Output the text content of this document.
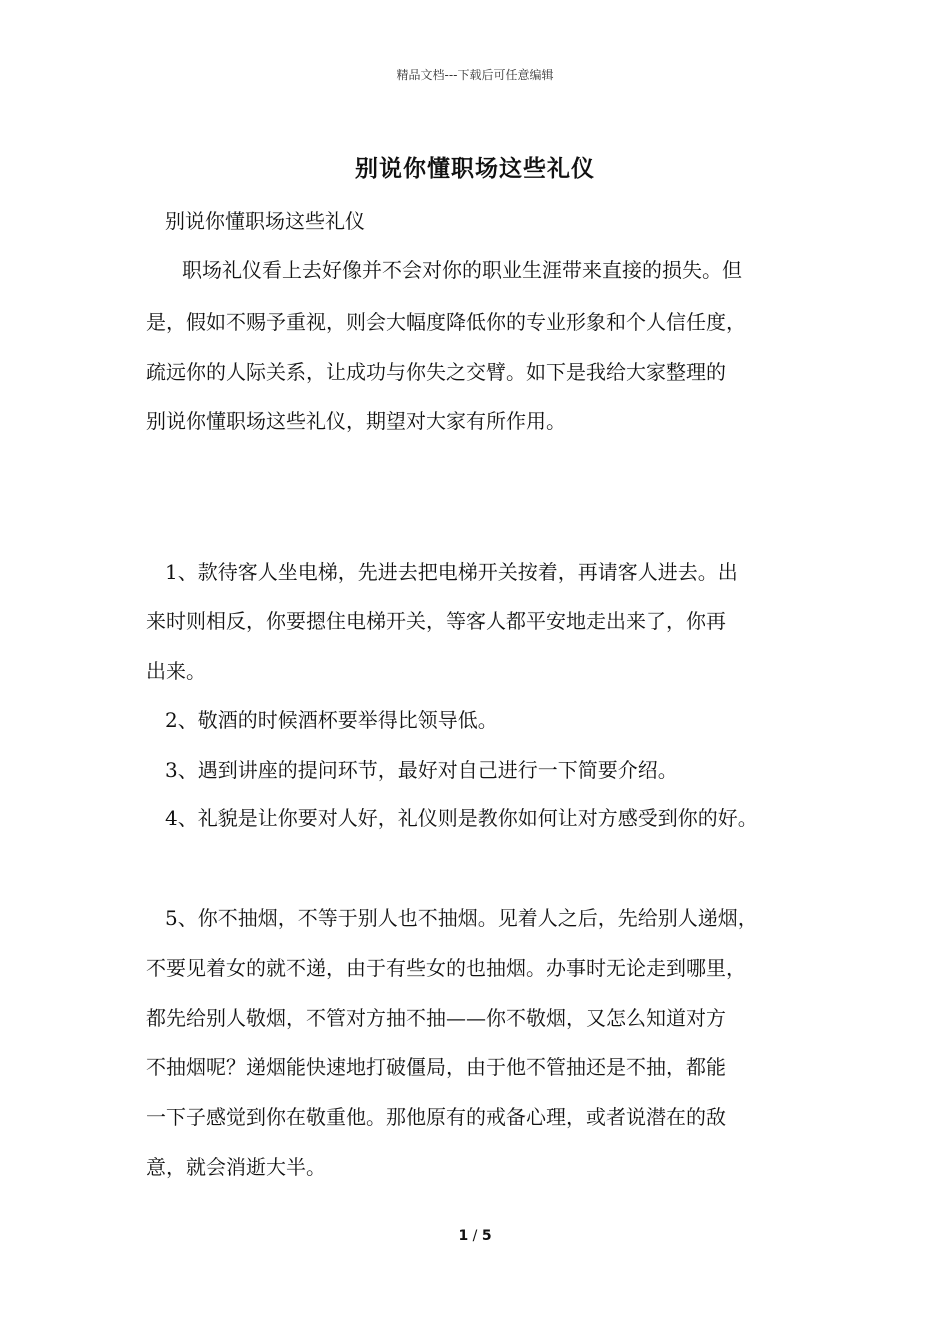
精品文档---下载后可任意编辑
别说你懂职场这些礼仪
别说你懂职场这些礼仪
职场礼仪看上去好像并不会对你的职业生涯带来直接的损失。但
是，假如不赐予重视，则会大幅度降低你的专业形象和个人信任度，
疏远你的人际关系，让成功与你失之交臂。如下是我给大家整理的
别说你懂职场这些礼仪，期望对大家有所作用。
1、款待客人坐电梯，先进去把电梯开关按着，再请客人进去。出
来时则相反，你要摁住电梯开关，等客人都平安地走出来了，你再
出来。
2、敬酒的时候酒杯要举得比领导低。
3、遇到讲座的提问环节，最好对自己进行一下简要介绍。
4、礼貌是让你要对人好，礼仪则是教你如何让对方感受到你的好。
5、你不抽烟，不等于别人也不抽烟。见着人之后，先给别人递烟，
不要见着女的就不递，由于有些女的也抽烟。办事时无论走到哪里，
都先给别人敬烟，不管对方抽不抽——你不敬烟，又怎么知道对方
不抽烟呢？递烟能快速地打破僵局，由于他不管抽还是不抽，都能
一下子感觉到你在敬重他。那他原有的戒备心理，或者说潜在的敌
意，就会消逝大半。
1 / 5
